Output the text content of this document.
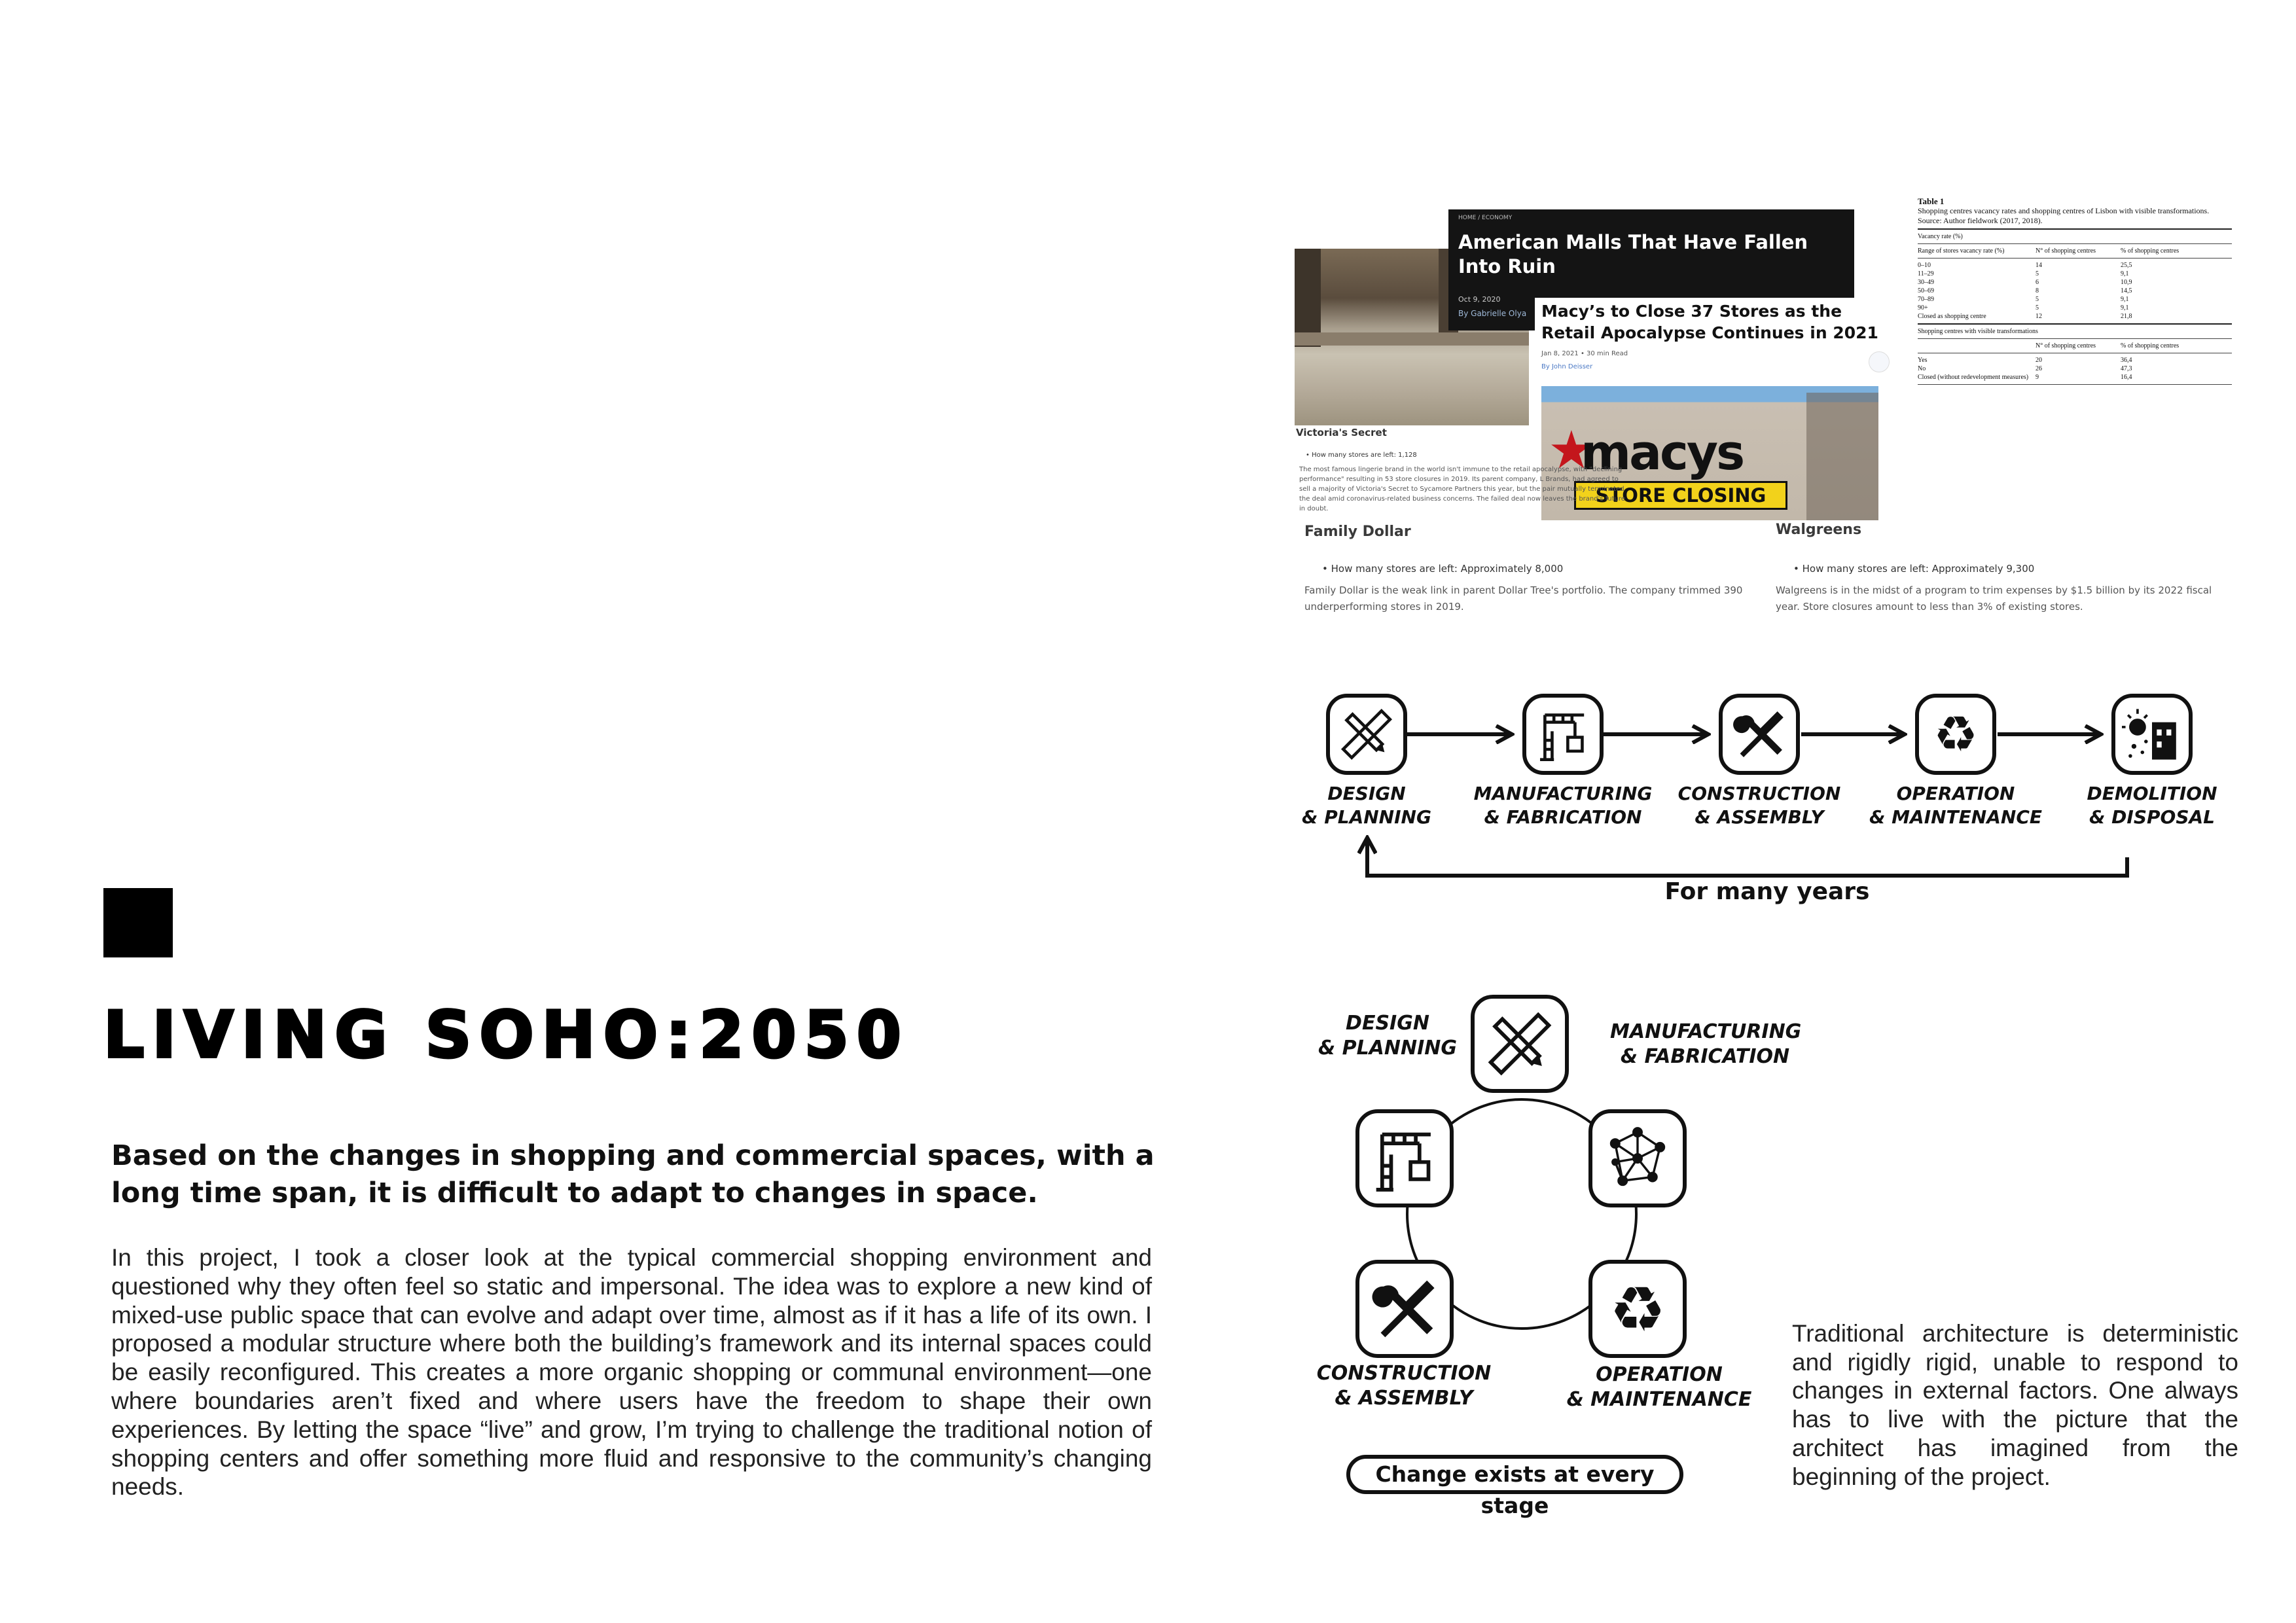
LIVING SOHO:2050
Based on the changes in shopping and commercial spaces, with a long time span, it is difficult to adapt to changes in space.
In this project, I took a closer look at the typical commercial shopping environment and questioned why they often feel so static and impersonal. The idea was to explore a new kind of mixed-use public space that can evolve and adapt over time, almost as if it has a life of its own. I proposed a modular structure where both the building’s framework and its internal spaces could be easily reconfigured. This creates a more organic shopping or communal environment—one where boundaries aren’t fixed and where users have the freedom to shape their own experiences. By letting the space “live” and grow, I’m trying to challenge the traditional notion of shopping centers and offer something more fluid and responsive to the community’s changing needs.
HOME / ECONOMY
American Malls That Have Fallen Into Ruin
Oct 9, 2020
By Gabrielle Olya Macy’s to Close 37 Stores as the Retail Apocalypse Continues in 2021
Jan 8, 2021 • 30 min Read
By John Deisser
★
macys
STORE CLOSING
Victoria's Secret
• How many stores are left: 1,128
The most famous lingerie brand in the world isn't immune to the retail apocalypse, with "declining performance" resulting in 53 store closures in 2019. Its parent company, L Brands, had agreed to sell a majority of Victoria's Secret to Sycamore Partners this year, but the pair mutually terminated the deal amid coronavirus-related business concerns. The failed deal now leaves the brand's future in doubt.
Family Dollar
• How many stores are left: Approximately 8,000
Family Dollar is the weak link in parent Dollar Tree's portfolio. The company trimmed 390 underperforming stores in 2019.
Walgreens
• How many stores are left: Approximately 9,300
Walgreens is in the midst of a program to trim expenses by $1.5 billion by its 2022 fiscal year. Store closures amount to less than 3% of existing stores.
Table 1
Shopping centres vacancy rates and shopping centres of Lisbon with visible transformations.
Source: Author fieldwork (2017, 2018).
Vacancy rate (%)
Range of stores vacancy rate (%)	N° of shopping centres	% of shopping centres
0–10	14	25,5
11–29	5	9,1
30–49	6	10,9
50–69	8	14,5
70–89	5	9,1
90+	5	9,1
Closed as shopping centre	12	21,8
Shopping centres with visible transformations
N° of shopping centres	% of shopping centres
Yes	20	36,4
No	26	47,3
Closed (without redevelopment measures)	9	16,4
♻
DESIGN
& PLANNING
MANUFACTURING
& FABRICATION
CONSTRUCTION
& ASSEMBLY
OPERATION
& MAINTENANCE
DEMOLITION
& DISPOSAL
For many years
♻
DESIGN
& PLANNING
MANUFACTURING
& FABRICATION
CONSTRUCTION
& ASSEMBLY
OPERATION
& MAINTENANCE
Change exists at every stage
Traditional architecture is deterministic and rigidly rigid, unable to respond to changes in external factors. One always has to live with the picture that the architect has imagined from the beginning of the project.
